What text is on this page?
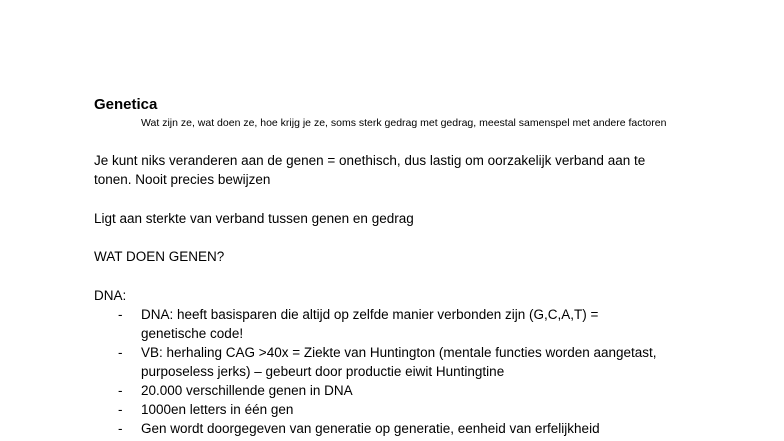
Genetica
Wat zijn ze, wat doen ze, hoe krijg je ze, soms sterk gedrag met gedrag, meestal samenspel met andere factoren
Je kunt niks veranderen aan de genen = onethisch, dus lastig om oorzakelijk verband aan te
tonen. Nooit precies bewijzen
Ligt aan sterkte van verband tussen genen en gedrag
WAT DOEN GENEN?
DNA:
- DNA: heeft basisparen die altijd op zelfde manier verbonden zijn (G,C,A,T) =
genetische code!
- VB: herhaling CAG >40x = Ziekte van Huntington (mentale functies worden aangetast,
purposeless jerks) – gebeurt door productie eiwit Huntingtine
- 20.000 verschillende genen in DNA
- 1000en letters in één gen
- Gen wordt doorgegeven van generatie op generatie, eenheid van erfelijkheid
